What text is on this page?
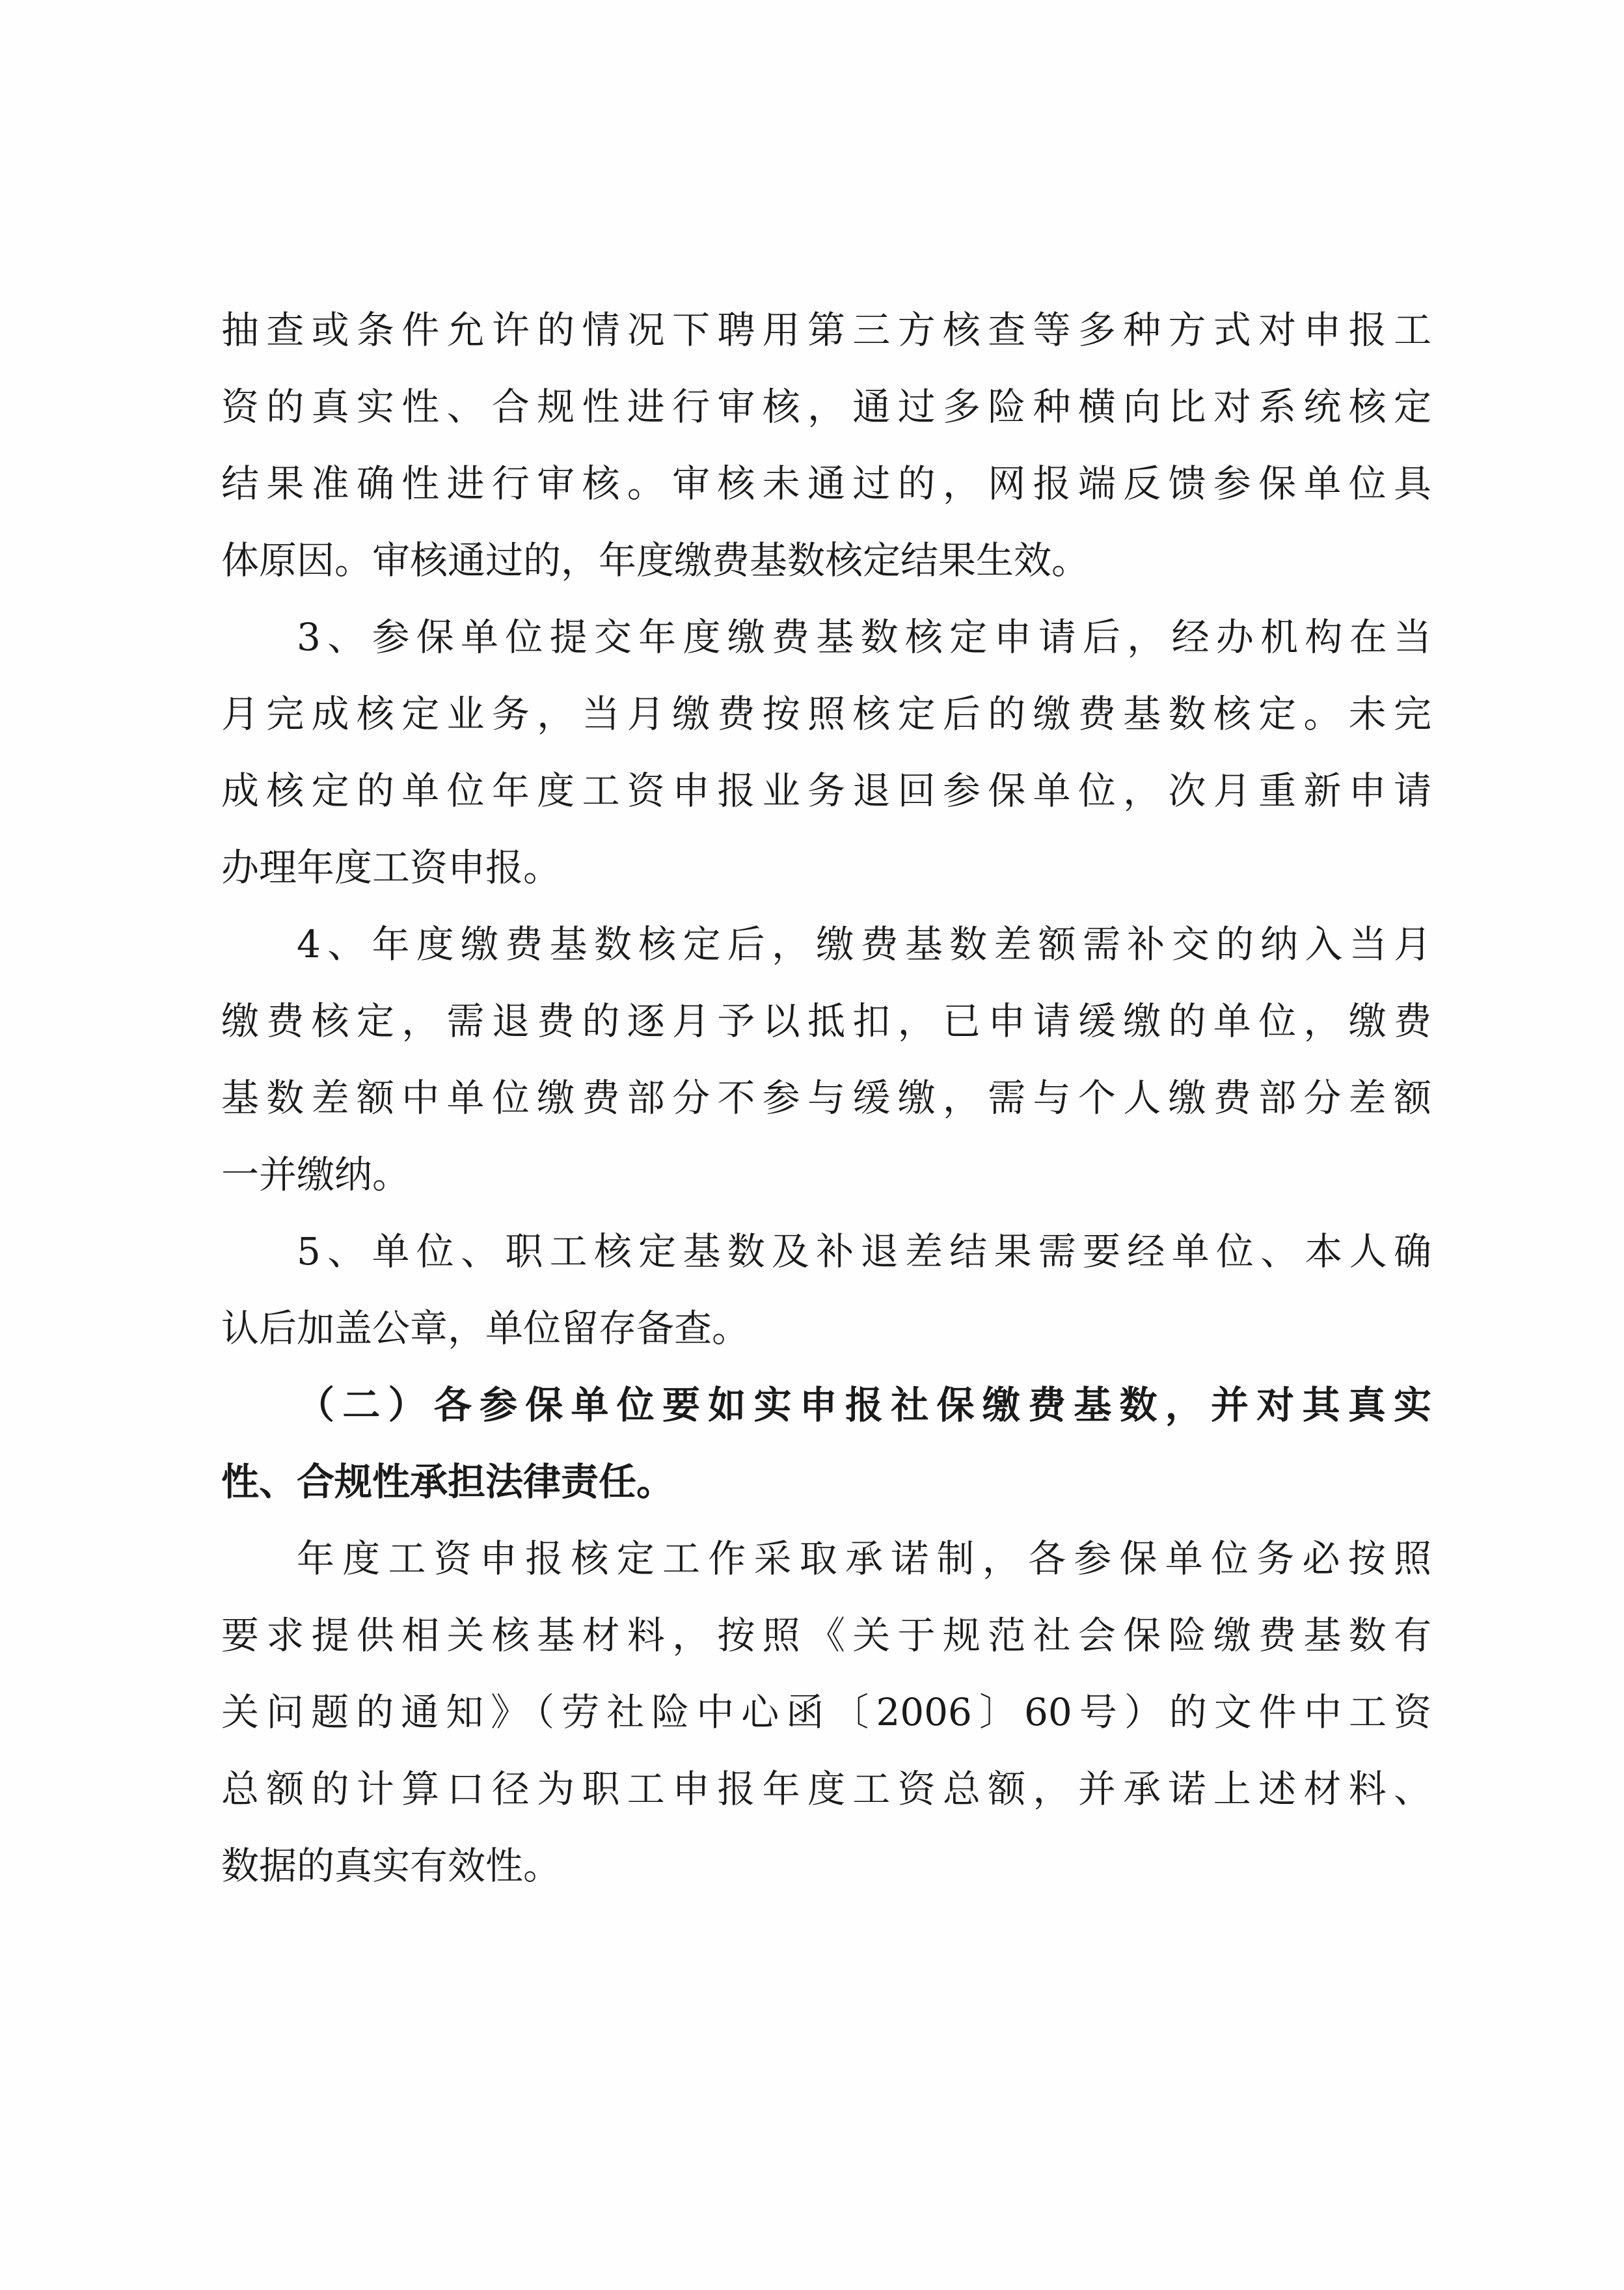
抽查或条件允许的情况下聘用第三方核查等多种方式对申报工
资的真实性、合规性进行审核，通过多险种横向比对系统核定
结果准确性进行审核。审核未通过的，网报端反馈参保单位具
体原因。审核通过的，年度缴费基数核定结果生效。
3、参保单位提交年度缴费基数核定申请后，经办机构在当
月完成核定业务，当月缴费按照核定后的缴费基数核定。未完
成核定的单位年度工资申报业务退回参保单位，次月重新申请
办理年度工资申报。
4、年度缴费基数核定后，缴费基数差额需补交的纳入当月
缴费核定，需退费的逐月予以抵扣，已申请缓缴的单位，缴费
基数差额中单位缴费部分不参与缓缴，需与个人缴费部分差额
一并缴纳。
5、单位、职工核定基数及补退差结果需要经单位、本人确
认后加盖公章，单位留存备查。
（二）各参保单位要如实申报社保缴费基数，并对其真实
性、合规性承担法律责任。
年度工资申报核定工作采取承诺制，各参保单位务必按照
要求提供相关核基材料，按照《关于规范社会保险缴费基数有
关问题的通知》（劳社险中心函〔2006〕60号）的文件中工资
总额的计算口径为职工申报年度工资总额，并承诺上述材料、
数据的真实有效性。
